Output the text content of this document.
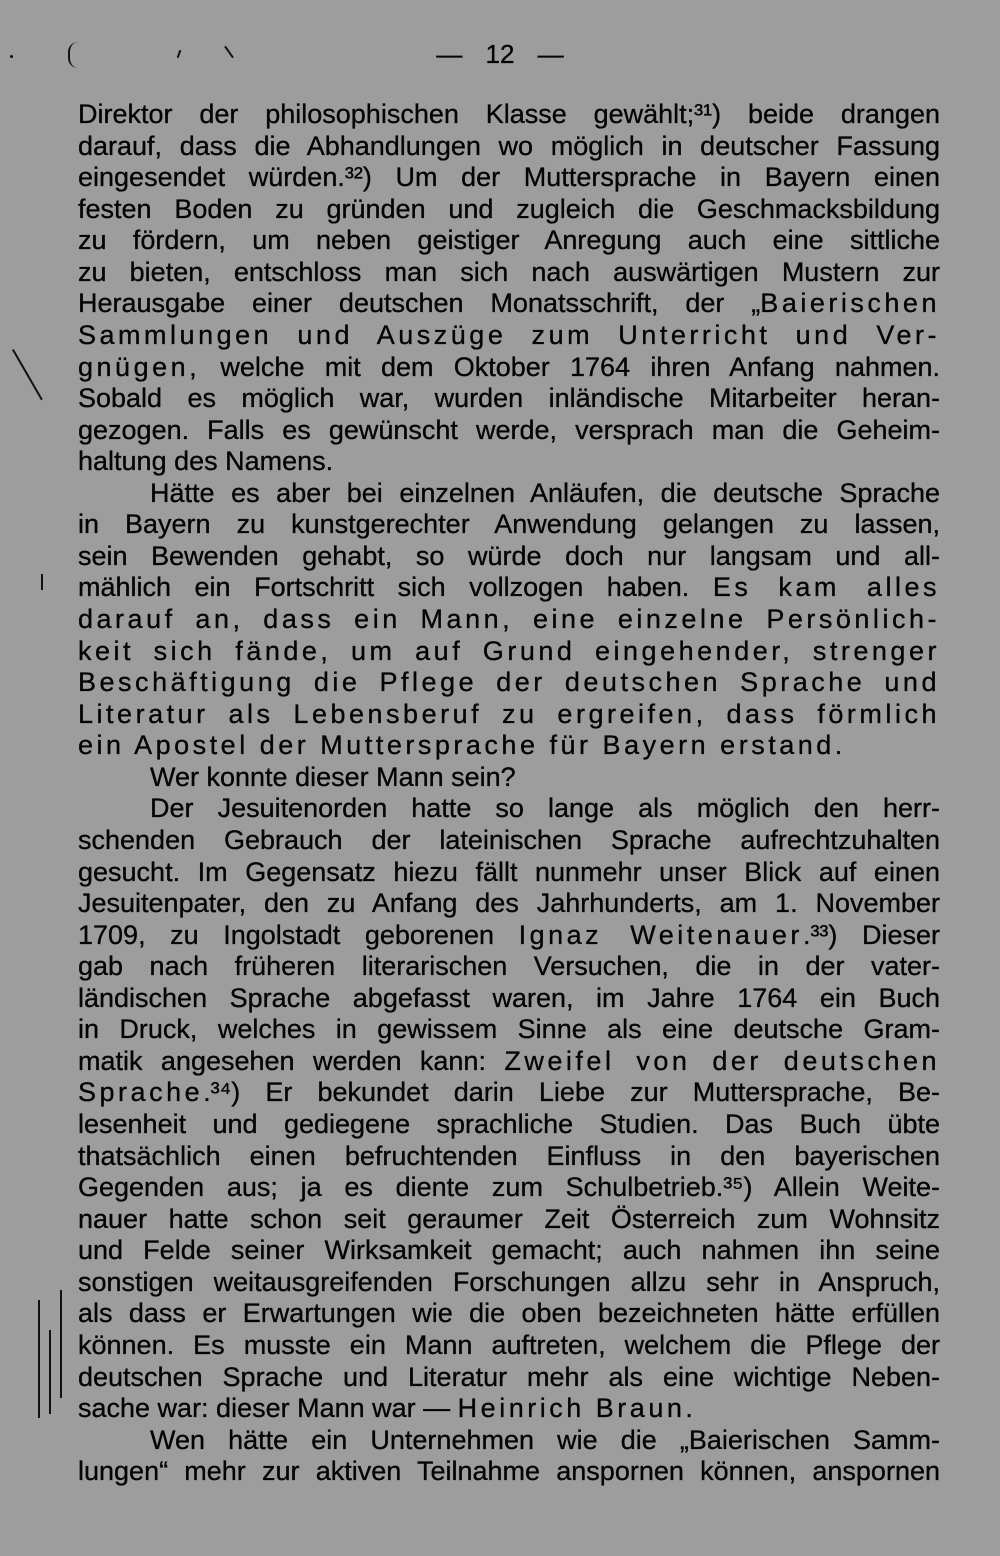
— 12 —
Direktor der philosophischen Klasse gewählt;³¹) beide drangen
darauf, dass die Abhandlungen wo möglich in deutscher Fassung
eingesendet würden.³²) Um der Muttersprache in Bayern einen
festen Boden zu gründen und zugleich die Geschmacksbildung
zu fördern, um neben geistiger Anregung auch eine sittliche
zu bieten, entschloss man sich nach auswärtigen Mustern zur
Herausgabe einer deutschen Monatsschrift, der „Baierischen
Sammlungen und Auszüge zum Unterricht und Ver-
gnügen, welche mit dem Oktober 1764 ihren Anfang nahmen.
Sobald es möglich war, wurden inländische Mitarbeiter heran-
gezogen. Falls es gewünscht werde, versprach man die Geheim-
haltung des Namens.
Hätte es aber bei einzelnen Anläufen, die deutsche Sprache
in Bayern zu kunstgerechter Anwendung gelangen zu lassen,
sein Bewenden gehabt, so würde doch nur langsam und all-
mählich ein Fortschritt sich vollzogen haben. Es kam alles
darauf an, dass ein Mann, eine einzelne Persönlich-
keit sich fände, um auf Grund eingehender, strenger
Beschäftigung die Pflege der deutschen Sprache und
Literatur als Lebensberuf zu ergreifen, dass förmlich
ein Apostel der Muttersprache für Bayern erstand.
Wer konnte dieser Mann sein?
Der Jesuitenorden hatte so lange als möglich den herr-
schenden Gebrauch der lateinischen Sprache aufrechtzuhalten
gesucht. Im Gegensatz hiezu fällt nunmehr unser Blick auf einen
Jesuitenpater, den zu Anfang des Jahrhunderts, am 1. November
1709, zu Ingolstadt geborenen Ignaz Weitenauer.³³) Dieser
gab nach früheren literarischen Versuchen, die in der vater-
ländischen Sprache abgefasst waren, im Jahre 1764 ein Buch
in Druck, welches in gewissem Sinne als eine deutsche Gram-
matik angesehen werden kann: Zweifel von der deutschen
Sprache.³⁴) Er bekundet darin Liebe zur Muttersprache, Be-
lesenheit und gediegene sprachliche Studien. Das Buch übte
thatsächlich einen befruchtenden Einfluss in den bayerischen
Gegenden aus; ja es diente zum Schulbetrieb.³⁵) Allein Weite-
nauer hatte schon seit geraumer Zeit Österreich zum Wohnsitz
und Felde seiner Wirksamkeit gemacht; auch nahmen ihn seine
sonstigen weitausgreifenden Forschungen allzu sehr in Anspruch,
als dass er Erwartungen wie die oben bezeichneten hätte erfüllen
können. Es musste ein Mann auftreten, welchem die Pflege der
deutschen Sprache und Literatur mehr als eine wichtige Neben-
sache war: dieser Mann war — Heinrich Braun.
Wen hätte ein Unternehmen wie die „Baierischen Samm-
lungen“ mehr zur aktiven Teilnahme anspornen können, anspornen
